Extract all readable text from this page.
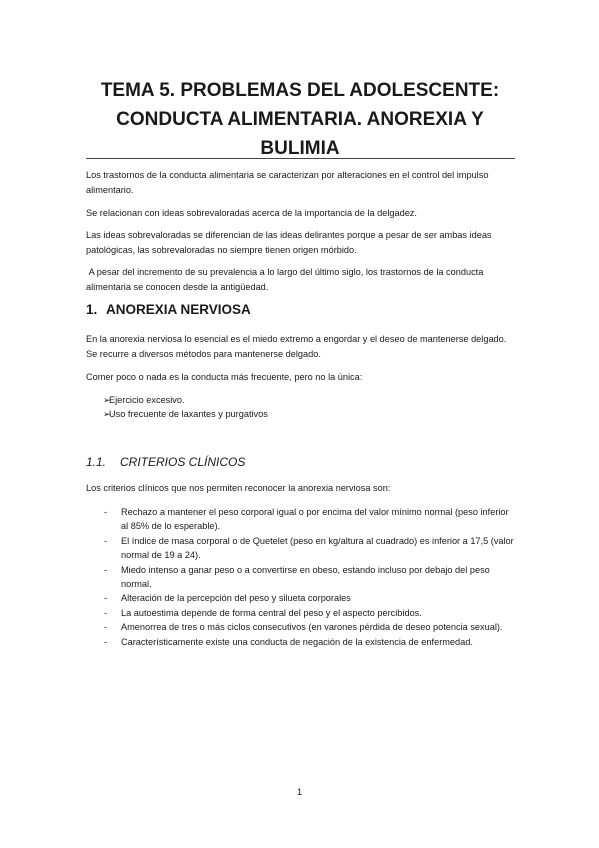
TEMA 5. PROBLEMAS DEL ADOLESCENTE:
CONDUCTA ALIMENTARIA. ANOREXIA Y
BULIMIA

Los trastornos de la conducta alimentaria se caracterizan por alteraciones en el control del impulso alimentario.

Se relacionan con ideas sobrevaloradas acerca de la importancia de la delgadez.

Las ideas sobrevaloradas se diferencian de las ideas delirantes porque a pesar de ser ambas ideas patológicas, las sobrevaloradas no siempre tienen origen mórbido.

A pesar del incremento de su prevalencia a lo largo del último siglo, los trastornos de la conducta alimentaria se conocen desde la antigüedad.

1. ANOREXIA NERVIOSA

En la anorexia nerviosa lo esencial es el miedo extremo a engordar y el deseo de mantenerse delgado. Se recurre a diversos métodos para mantenerse delgado.

Comer poco o nada es la conducta más frecuente, pero no la única:

➢
Ejercicio excesivo.
➢
Uso frecuente de laxantes y purgativos
1.1. CRITERIOS CLÍNICOS

Los criterios clínicos que nos permiten reconocer la anorexia nerviosa son:

- Rechazo a mantener el peso corporal igual o por encima del valor mínimo normal (peso inferior al 85% de lo esperable).
- El índice de masa corporal o de Quetelet (peso en kg/altura al cuadrado) es inferior a 17,5 (valor normal de 19 a 24).
- Miedo intenso a ganar peso o a convertirse en obeso, estando incluso por debajo del peso normal.
- Alteración de la percepción del peso y silueta corporales
- La autoestima depende de forma central del peso y el aspecto percibidos.
- Amenorrea de tres o más ciclos consecutivos (en varones pérdida de deseo potencia sexual).
- Característicamente existe una conducta de negación de la existencia de enfermedad.
1
